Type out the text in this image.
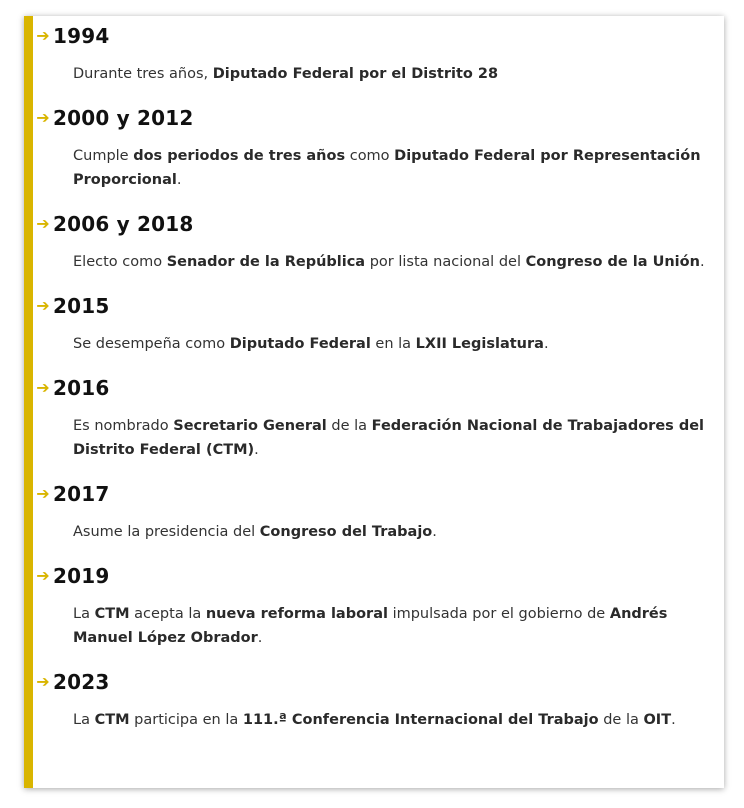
➔ 1994
Durante tres años, Diputado Federal por el Distrito 28
➔ 2000 y 2012
Cumple dos periodos de tres años como Diputado Federal por Representación Proporcional.
➔ 2006 y 2018
Electo como Senador de la República por lista nacional del Congreso de la Unión.
➔ 2015
Se desempeña como Diputado Federal en la LXII Legislatura.
➔ 2016
Es nombrado Secretario General de la Federación Nacional de Trabajadores del Distrito Federal (CTM).
➔ 2017
Asume la presidencia del Congreso del Trabajo.
➔ 2019
La CTM acepta la nueva reforma laboral impulsada por el gobierno de Andrés Manuel López Obrador.
➔ 2023
La CTM participa en la 111.ª Conferencia Internacional del Trabajo de la OIT.
